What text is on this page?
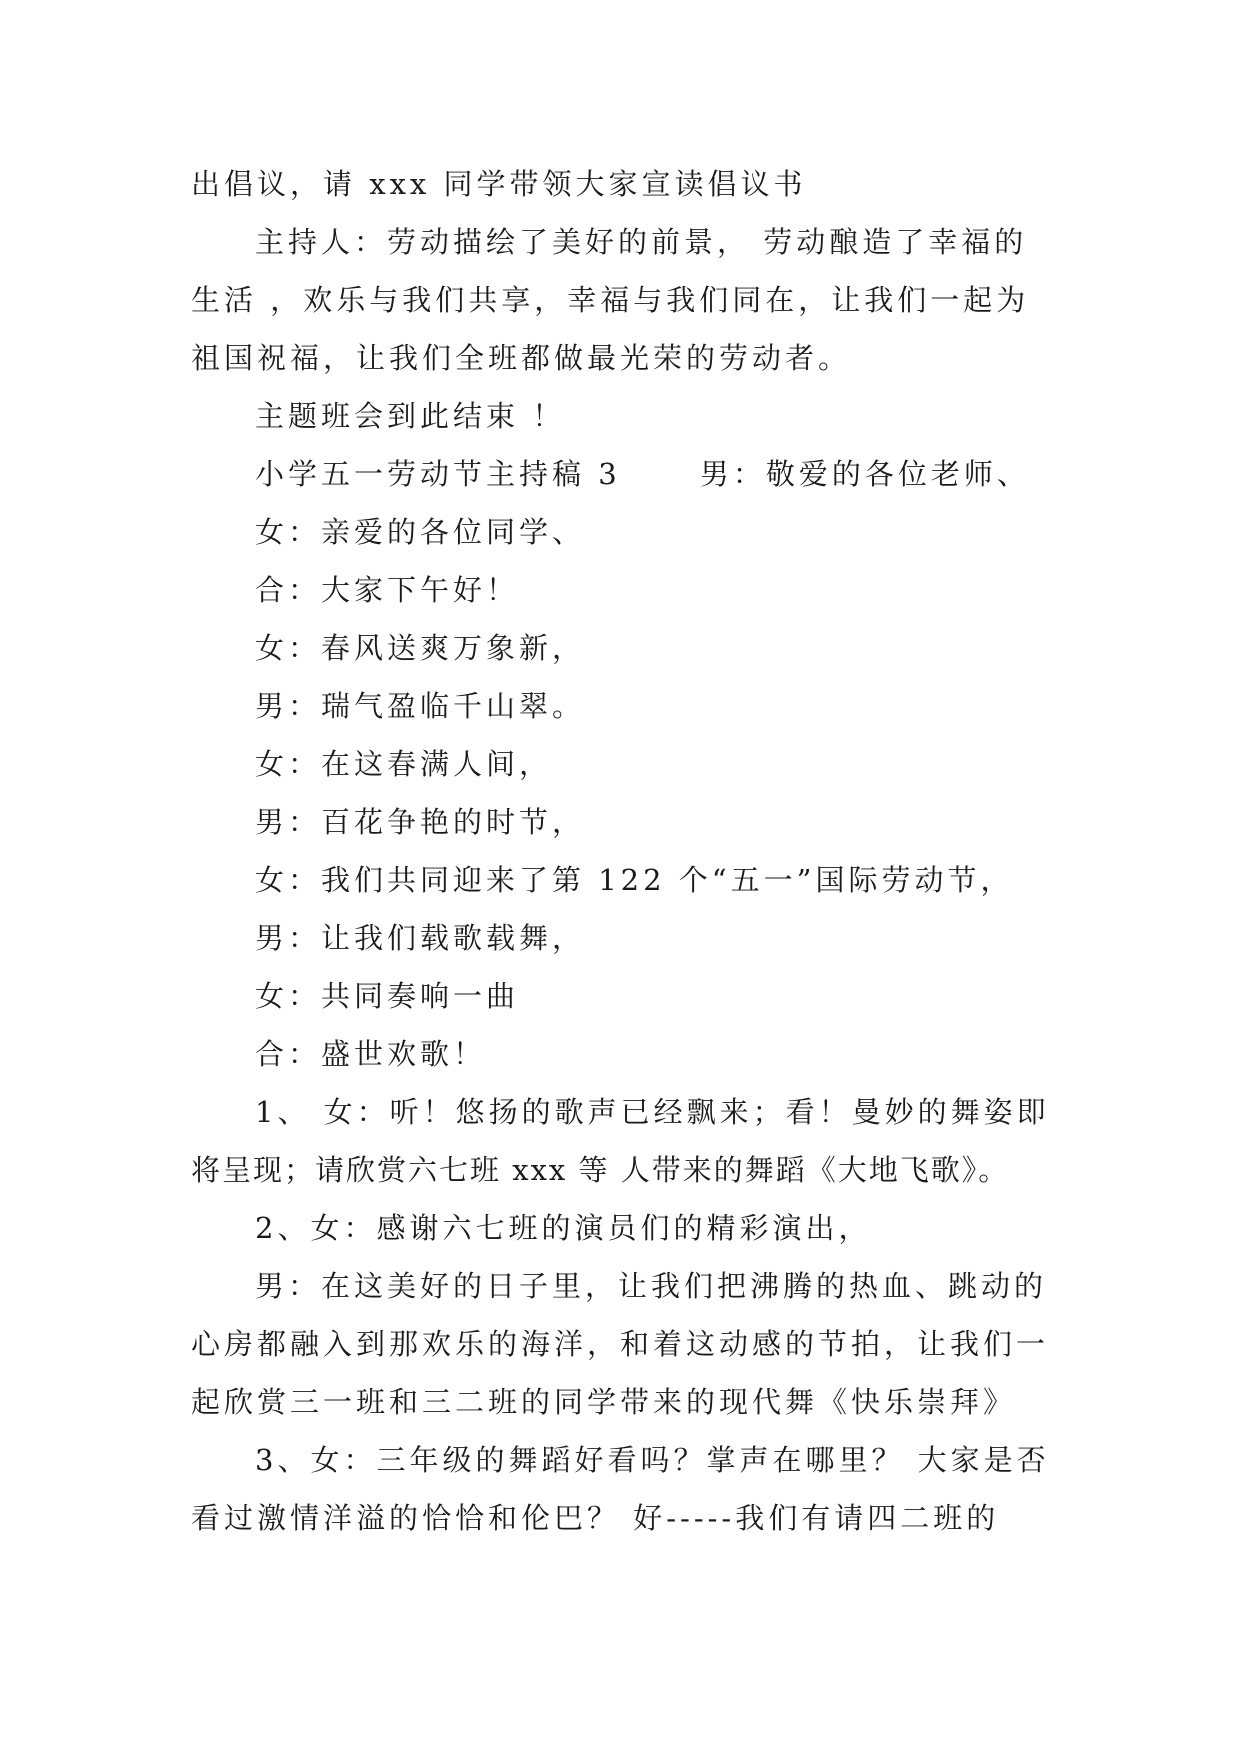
出倡议，请 xxx 同学带领大家宣读倡议书
主持人：劳动描绘了美好的前景， 劳动酿造了幸福的
生活 ，欢乐与我们共享，幸福与我们同在，让我们一起为
祖国祝福，让我们全班都做最光荣的劳动者。
主题班会到此结束 ！
小学五一劳动节主持稿 3　　 男：敬爱的各位老师、
女：亲爱的各位同学、
合：大家下午好！
女：春风送爽万象新，
男：瑞气盈临千山翠。
女：在这春满人间，
男：百花争艳的时节，
女：我们共同迎来了第 122 个“五一”国际劳动节，
男：让我们载歌载舞，
女：共同奏响一曲
合：盛世欢歌！
1、 女：听！悠扬的歌声已经飘来；看！曼妙的舞姿即
将呈现；请欣赏六七班 xxx 等 人带来的舞蹈《大地飞歌》。
2、女：感谢六七班的演员们的精彩演出，
男：在这美好的日子里，让我们把沸腾的热血、跳动的
心房都融入到那欢乐的海洋，和着这动感的节拍，让我们一
起欣赏三一班和三二班的同学带来的现代舞《快乐崇拜》
3、女：三年级的舞蹈好看吗？掌声在哪里？ 大家是否
看过激情洋溢的恰恰和伦巴？ 好-----我们有请四二班的
